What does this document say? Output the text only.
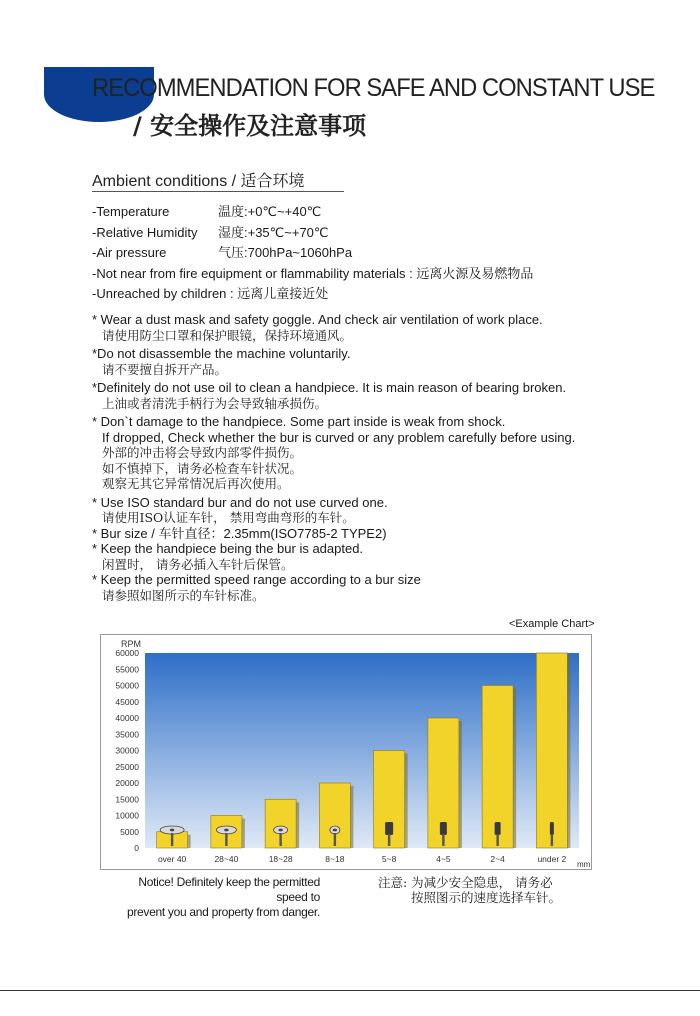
RECOMMENDATION FOR SAFE AND CONSTANT USE
/ 安全操作及注意事项
Ambient conditions / 适合环境
-Temperature	温度:+0℃~+40℃
-Relative Humidity 湿度:+35℃~+70℃
-Air pressure	气压:700hPa~1060hPa
-Not near from fire equipment or flammability materials : 远离火源及易燃物品
-Unreached by children : 远离儿童接近处
* Wear a dust mask and safety goggle. And check air ventilation of work place.
请使用防尘口罩和保护眼镜，保持环境通风。
*Do not disassemble the machine voluntarily.
请不要擅自拆开产品。
*Definitely do not use oil to clean a handpiece. It is main reason of bearing broken.
上油或者清洗手柄行为会导致轴承损伤。
* Don`t damage to the handpiece. Some part inside is weak from shock.
If dropped, Check whether the bur is curved or any problem carefully before using.
外部的冲击将会导致内部零件损伤。
如不慎掉下，请务必检查车针状况。
观察无其它异常情况后再次使用。
* Use ISO standard bur and do not use curved one.
请使用ISO认证车针， 禁用弯曲弯形的车针。
* Bur size / 车针直径：2.35mm(ISO7785-2 TYPE2)
* Keep the handpiece being the bur is adapted.
闲置时， 请务必插入车针后保管。
* Keep the permitted speed range according to a bur size
请参照如图所示的车针标准。
<Example Chart>
RPM
0
5000
10000
15000
20000
25000
30000
35000
40000
45000
50000
55000
60000
over 40	28~40	18~28	8~18	5~8	4~5	2~4	under 2
mm
Notice! Definitely keep the permitted speed to
prevent you and property from danger.
注意: 为减少安全隐患， 请务必
按照图示的速度选择车针。
